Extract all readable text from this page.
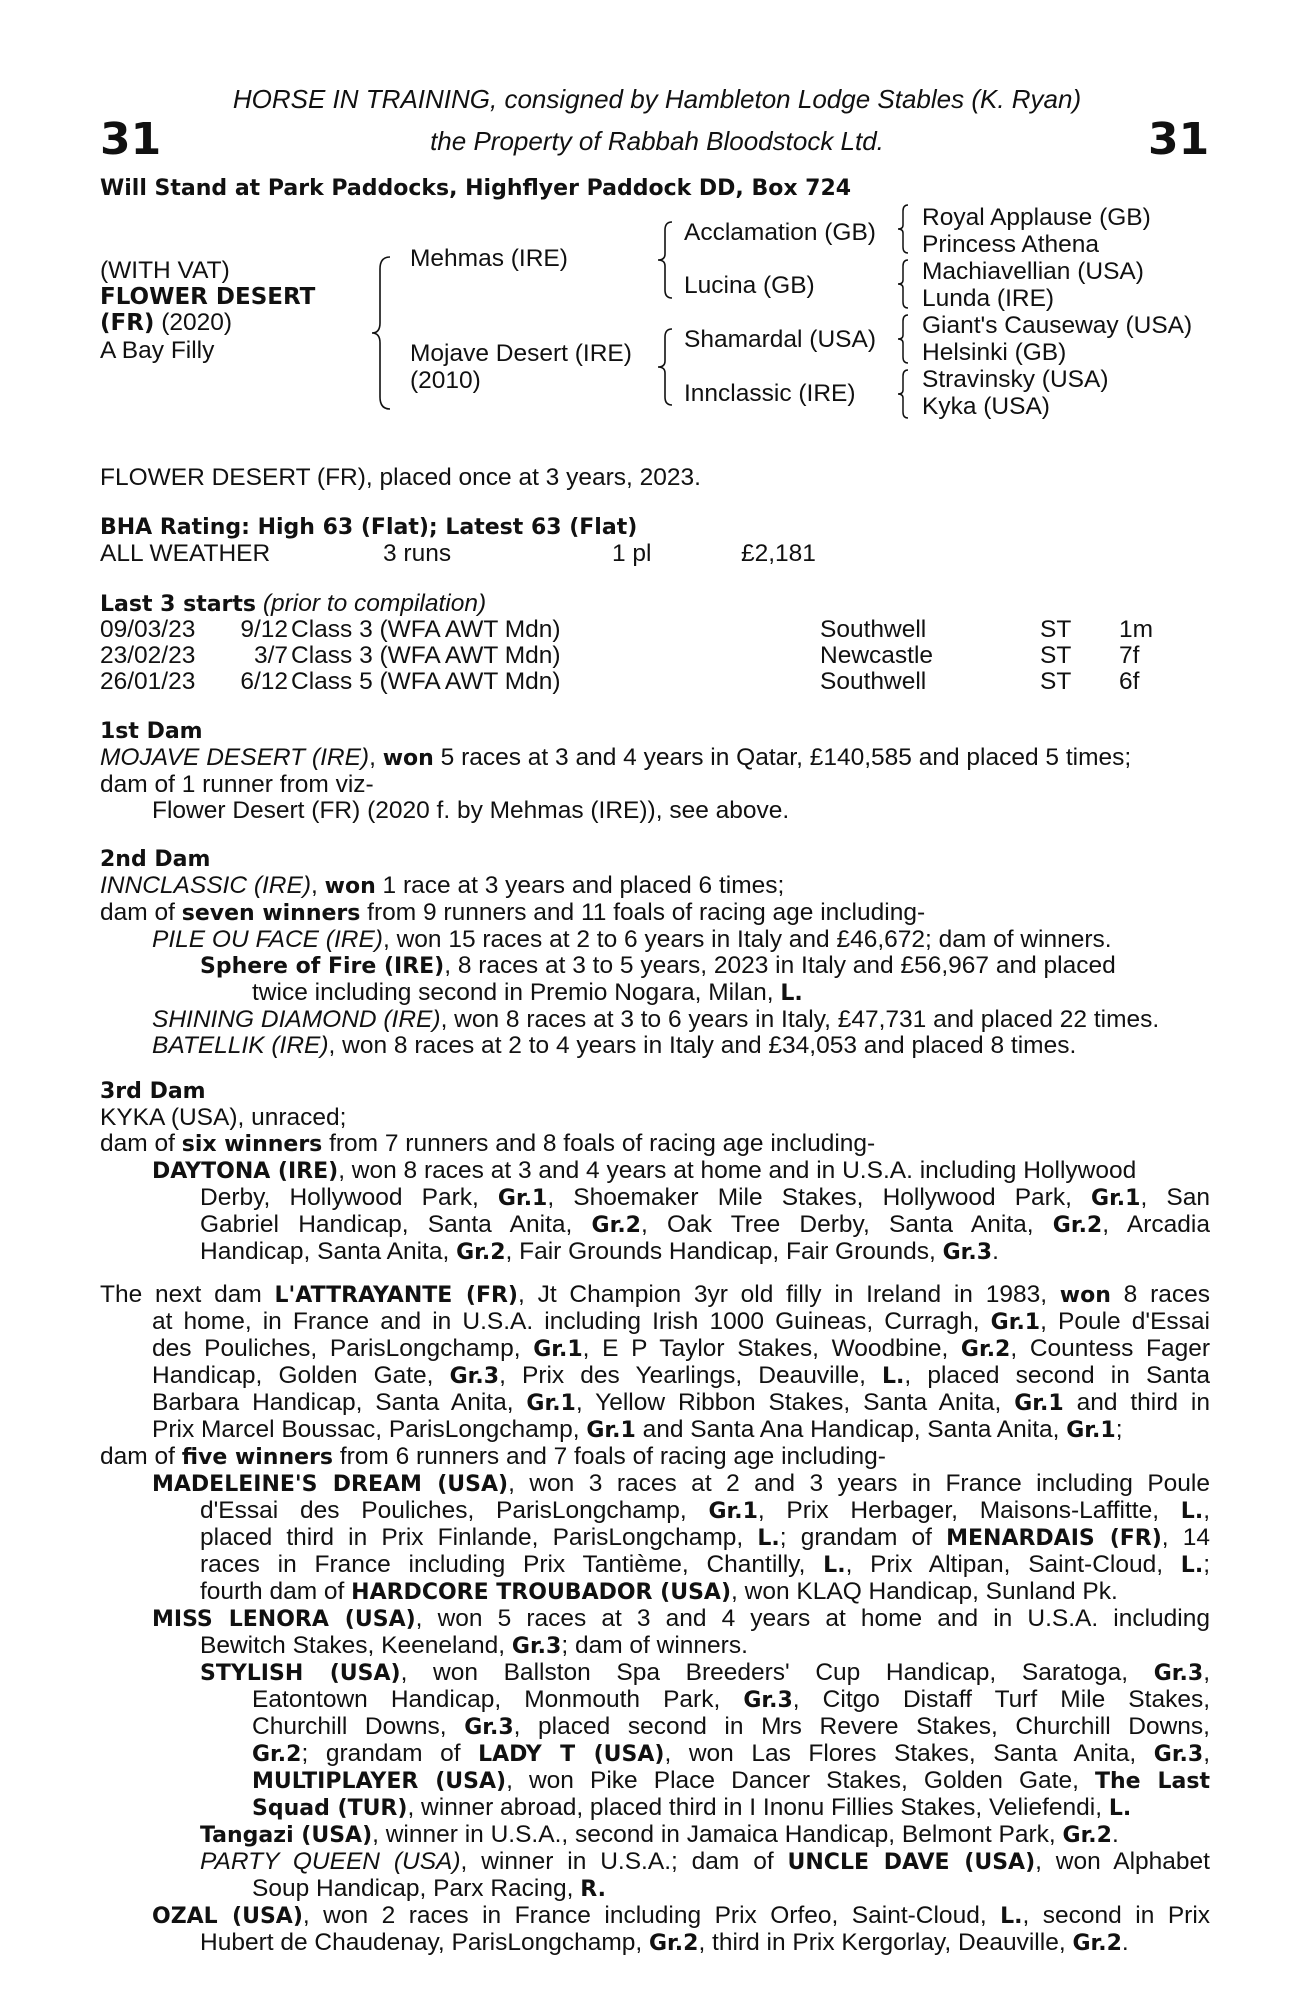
31	31
HORSE IN TRAINING, consigned by Hambleton Lodge Stables (K. Ryan)
the Property of Rabbah Bloodstock Ltd.
Will Stand at Park Paddocks, Highflyer Paddock DD, Box 724
(WITH VAT)
FLOWER DESERT
(FR) (2020)
A Bay Filly
Mehmas (IRE)
Mojave Desert (IRE)
(2010)
Acclamation (GB)
Lucina (GB)
Shamardal (USA)
Innclassic (IRE)
Royal Applause (GB)
Princess Athena
Machiavellian (USA)
Lunda (IRE)
Giant's Causeway (USA)
Helsinki (GB)
Stravinsky (USA)
Kyka (USA)
FLOWER DESERT (FR), placed once at 3 years, 2023.
BHA Rating: High 63 (Flat); Latest 63 (Flat)
ALL WEATHER	3 runs	1 pl	£2,181
Last 3 starts (prior to compilation)
09/03/23	9/12 Class 3 (WFA AWT Mdn)	Southwell	ST 1m
23/02/23	3/7 Class 3 (WFA AWT Mdn)	Newcastle	ST 7f
26/01/23	6/12 Class 5 (WFA AWT Mdn)	Southwell	ST 6f
1st Dam
MOJAVE DESERT (IRE), won 5 races at 3 and 4 years in Qatar, £140,585 and placed 5 times;
dam of 1 runner from viz-
Flower Desert (FR) (2020 f. by Mehmas (IRE)), see above.
2nd Dam
INNCLASSIC (IRE), won 1 race at 3 years and placed 6 times;
dam of seven winners from 9 runners and 11 foals of racing age including-
PILE OU FACE (IRE), won 15 races at 2 to 6 years in Italy and £46,672; dam of winners.
Sphere of Fire (IRE), 8 races at 3 to 5 years, 2023 in Italy and £56,967 and placed
twice including second in Premio Nogara, Milan, L.
SHINING DIAMOND (IRE), won 8 races at 3 to 6 years in Italy, £47,731 and placed 22 times.
BATELLIK (IRE), won 8 races at 2 to 4 years in Italy and £34,053 and placed 8 times.
3rd Dam
KYKA (USA), unraced;
dam of six winners from 7 runners and 8 foals of racing age including-
DAYTONA (IRE), won 8 races at 3 and 4 years at home and in U.S.A. including Hollywood
Derby, Hollywood Park, Gr.1, Shoemaker Mile Stakes, Hollywood Park, Gr.1, San
Gabriel Handicap, Santa Anita, Gr.2, Oak Tree Derby, Santa Anita, Gr.2, Arcadia
Handicap, Santa Anita, Gr.2, Fair Grounds Handicap, Fair Grounds, Gr.3.
The next dam L'ATTRAYANTE (FR), Jt Champion 3yr old filly in Ireland in 1983, won 8 races
at home, in France and in U.S.A. including Irish 1000 Guineas, Curragh, Gr.1, Poule d'Essai
des Pouliches, ParisLongchamp, Gr.1, E P Taylor Stakes, Woodbine, Gr.2, Countess Fager
Handicap, Golden Gate, Gr.3, Prix des Yearlings, Deauville, L., placed second in Santa
Barbara Handicap, Santa Anita, Gr.1, Yellow Ribbon Stakes, Santa Anita, Gr.1 and third in
Prix Marcel Boussac, ParisLongchamp, Gr.1 and Santa Ana Handicap, Santa Anita, Gr.1;
dam of five winners from 6 runners and 7 foals of racing age including-
MADELEINE'S DREAM (USA), won 3 races at 2 and 3 years in France including Poule
d'Essai des Pouliches, ParisLongchamp, Gr.1, Prix Herbager, Maisons-Laffitte, L.,
placed third in Prix Finlande, ParisLongchamp, L.; grandam of MENARDAIS (FR), 14
races in France including Prix Tantième, Chantilly, L., Prix Altipan, Saint-Cloud, L.;
fourth dam of HARDCORE TROUBADOR (USA), won KLAQ Handicap, Sunland Pk.
MISS LENORA (USA), won 5 races at 3 and 4 years at home and in U.S.A. including
Bewitch Stakes, Keeneland, Gr.3; dam of winners.
STYLISH (USA), won Ballston Spa Breeders' Cup Handicap, Saratoga, Gr.3,
Eatontown Handicap, Monmouth Park, Gr.3, Citgo Distaff Turf Mile Stakes,
Churchill Downs, Gr.3, placed second in Mrs Revere Stakes, Churchill Downs,
Gr.2; grandam of LADY T (USA), won Las Flores Stakes, Santa Anita, Gr.3,
MULTIPLAYER (USA), won Pike Place Dancer Stakes, Golden Gate, The Last
Squad (TUR), winner abroad, placed third in I Inonu Fillies Stakes, Veliefendi, L.
Tangazi (USA), winner in U.S.A., second in Jamaica Handicap, Belmont Park, Gr.2.
PARTY QUEEN (USA), winner in U.S.A.; dam of UNCLE DAVE (USA), won Alphabet
Soup Handicap, Parx Racing, R.
OZAL (USA), won 2 races in France including Prix Orfeo, Saint-Cloud, L., second in Prix
Hubert de Chaudenay, ParisLongchamp, Gr.2, third in Prix Kergorlay, Deauville, Gr.2.
